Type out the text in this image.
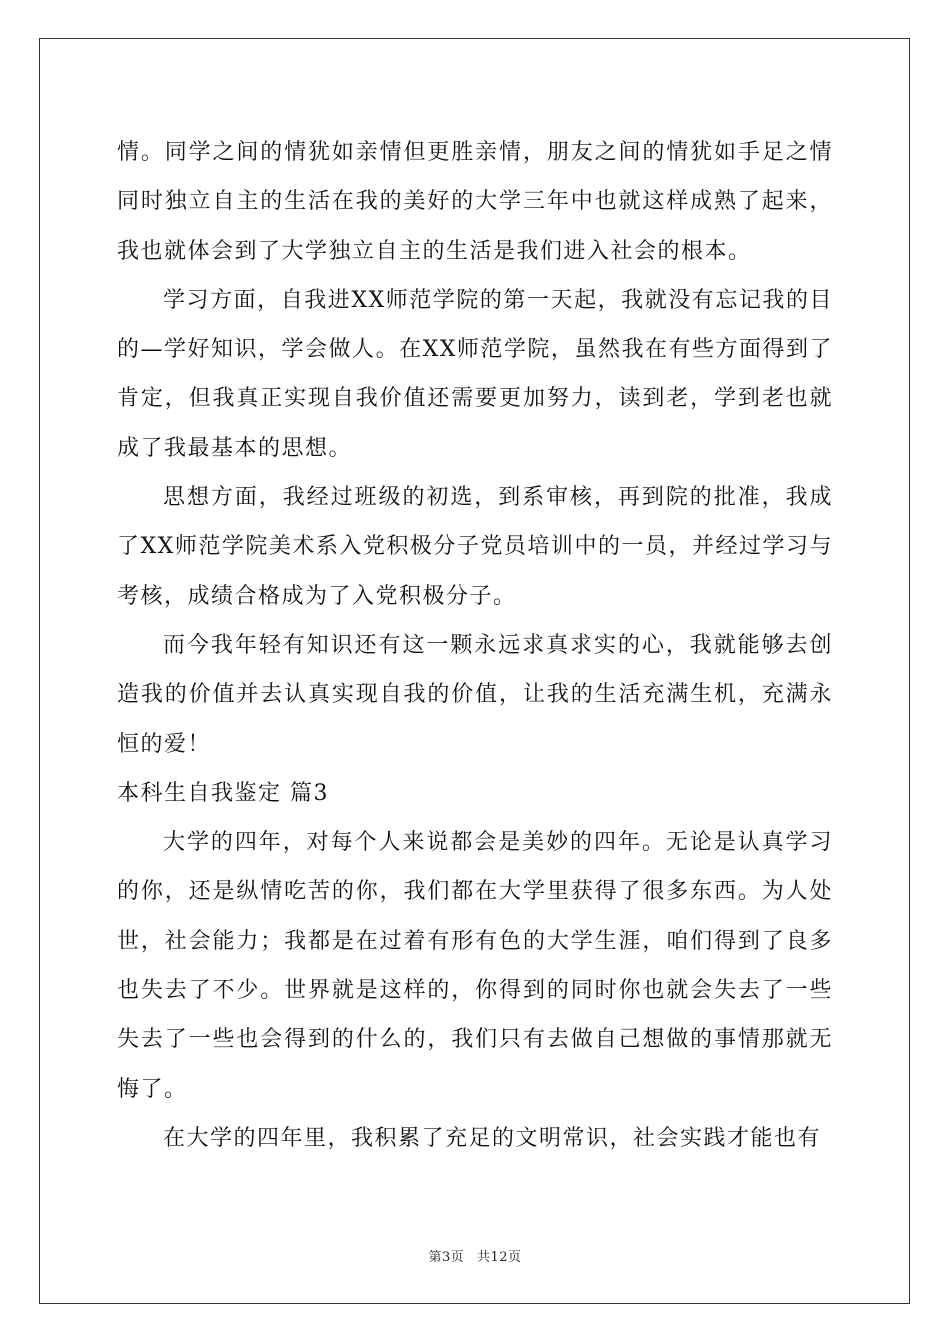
情。同学之间的情犹如亲情但更胜亲情，朋友之间的情犹如手足之情同时独立自主的生活在我的美好的大学三年中也就这样成熟了起来，我也就体会到了大学独立自主的生活是我们进入社会的根本。

学习方面，自我进XX师范学院的第一天起，我就没有忘记我的目的—学好知识，学会做人。在XX师范学院，虽然我在有些方面得到了肯定，但我真正实现自我价值还需要更加努力，读到老，学到老也就成了我最基本的思想。

思想方面，我经过班级的初选，到系审核，再到院的批准，我成了XX师范学院美术系入党积极分子党员培训中的一员，并经过学习与考核，成绩合格成为了入党积极分子。

而今我年轻有知识还有这一颗永远求真求实的心，我就能够去创造我的价值并去认真实现自我的价值，让我的生活充满生机，充满永恒的爱！

本科生自我鉴定 篇3

大学的四年，对每个人来说都会是美妙的四年。无论是认真学习的你，还是纵情吃苦的你，我们都在大学里获得了很多东西。为人处世，社会能力；我都是在过着有形有色的大学生涯，咱们得到了良多也失去了不少。世界就是这样的，你得到的同时你也就会失去了一些失去了一些也会得到的什么的，我们只有去做自己想做的事情那就无悔了。

在大学的四年里，我积累了充足的文明常识，社会实践才能也有

第3页 共12页
